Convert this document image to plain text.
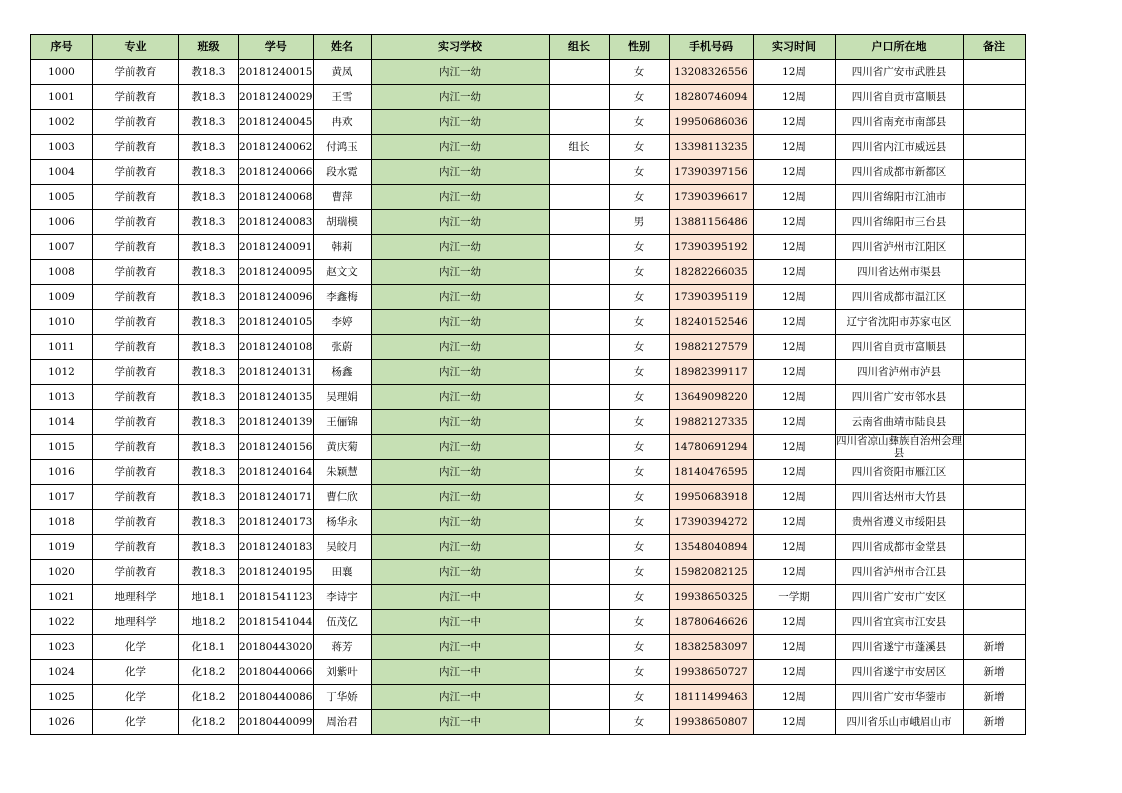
序号	专业	班级	学号	姓名	实习学校	组长	性别	手机号码	实习时间	户口所在地	备注
1000	学前教育	教18.3	20181240015	黄凤	内江一幼		女	13208326556	12周	四川省广安市武胜县	
1001	学前教育	教18.3	20181240029	王雪	内江一幼		女	18280746094	12周	四川省自贡市富顺县	
1002	学前教育	教18.3	20181240045	冉欢	内江一幼		女	19950686036	12周	四川省南充市南部县	
1003	学前教育	教18.3	20181240062	付鸿玉	内江一幼	组长	女	13398113235	12周	四川省内江市威远县	
1004	学前教育	教18.3	20181240066	段水霓	内江一幼		女	17390397156	12周	四川省成都市新都区	
1005	学前教育	教18.3	20181240068	曹萍	内江一幼		女	17390396617	12周	四川省绵阳市江油市	
1006	学前教育	教18.3	20181240083	胡瑞模	内江一幼		男	13881156486	12周	四川省绵阳市三台县	
1007	学前教育	教18.3	20181240091	韩莉	内江一幼		女	17390395192	12周	四川省泸州市江阳区	
1008	学前教育	教18.3	20181240095	赵文文	内江一幼		女	18282266035	12周	四川省达州市渠县	
1009	学前教育	教18.3	20181240096	李鑫梅	内江一幼		女	17390395119	12周	四川省成都市温江区	
1010	学前教育	教18.3	20181240105	李婷	内江一幼		女	18240152546	12周	辽宁省沈阳市苏家屯区	
1011	学前教育	教18.3	20181240108	张蔚	内江一幼		女	19882127579	12周	四川省自贡市富顺县	
1012	学前教育	教18.3	20181240131	杨鑫	内江一幼		女	18982399117	12周	四川省泸州市泸县	
1013	学前教育	教18.3	20181240135	吴理娟	内江一幼		女	13649098220	12周	四川省广安市邻水县	
1014	学前教育	教18.3	20181240139	王俪锦	内江一幼		女	19882127335	12周	云南省曲靖市陆良县	
1015	学前教育	教18.3	20181240156	黄庆菊	内江一幼		女	14780691294	12周	四川省凉山彝族自治州会理县	
1016	学前教育	教18.3	20181240164	朱颖慧	内江一幼		女	18140476595	12周	四川省资阳市雁江区	
1017	学前教育	教18.3	20181240171	曹仁欣	内江一幼		女	19950683918	12周	四川省达州市大竹县	
1018	学前教育	教18.3	20181240173	杨华永	内江一幼		女	17390394272	12周	贵州省遵义市绥阳县	
1019	学前教育	教18.3	20181240183	吴皎月	内江一幼		女	13548040894	12周	四川省成都市金堂县	
1020	学前教育	教18.3	20181240195	田襄	内江一幼		女	15982082125	12周	四川省泸州市合江县	
1021	地理科学	地18.1	20181541123	李诗宇	内江一中		女	19938650325	一学期	四川省广安市广安区	
1022	地理科学	地18.2	20181541044	伍茂亿	内江一中		女	18780646626	12周	四川省宜宾市江安县	
1023	化学	化18.1	20180443020	蒋芳	内江一中		女	18382583097	12周	四川省遂宁市蓬溪县	新增
1024	化学	化18.2	20180440066	刘紫叶	内江一中		女	19938650727	12周	四川省遂宁市安居区	新增
1025	化学	化18.2	20180440086	丁华娇	内江一中		女	18111499463	12周	四川省广安市华蓥市	新增
1026	化学	化18.2	20180440099	周治君	内江一中		女	19938650807	12周	四川省乐山市峨眉山市	新增
